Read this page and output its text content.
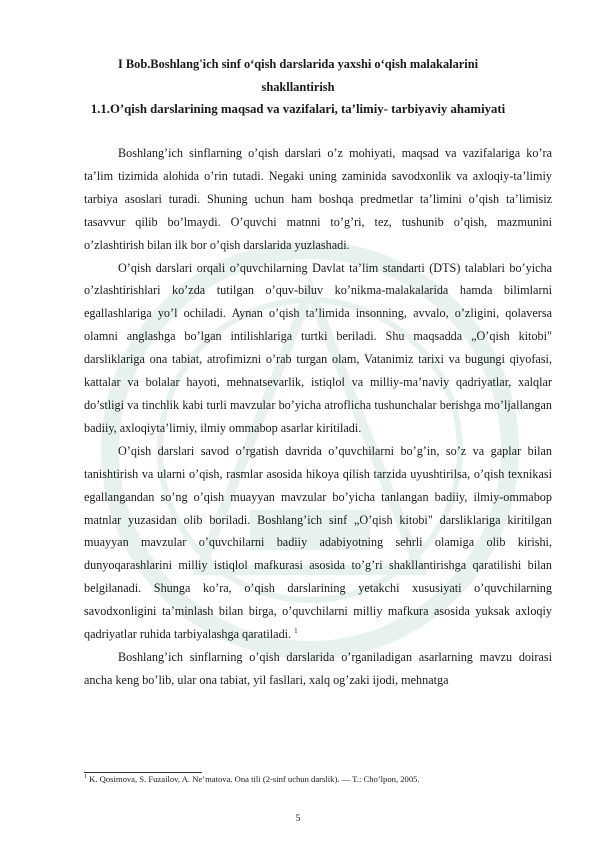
I Bob.Boshlang'ich sinf o‘qish darslarida yaxshi o‘qish malakalarini
shakllantirish
1.1.O’qish darslarining maqsad va vazifalari, ta’limiy- tarbiyaviy ahamiyati

Boshlang’ich sinflarning o’qish darslari o’z mohiyati, maqsad va vazifalariga ko’ra ta’lim tizimida alohida o’rin tutadi. Negaki uning zaminida savodxonlik va axloqiy-ta’limiy tarbiya asoslari turadi. Shuning uchun ham boshqa predmetlar ta’limini o’qish ta’limisiz tasavvur qilib bo’lmaydi. O’quvchi matnni to’g’ri, tez, tushunib o’qish, mazmunini o’zlashtirish bilan ilk bor o’qish darslarida yuzlashadi.

O’qish darslari orqali o’quvchilarning Davlat ta’lim standarti (DTS) talablari bo’yicha o’zlashtirishlari ko’zda tutilgan o’quv-biluv ko’nikma-malakalarida hamda bilimlarni egallashlariga yo’l ochiladi. Aynan o’qish ta’limida insonning, avvalo, o’zligini, qolaversa olamni anglashga bo’lgan intilishlariga turtki beriladi. Shu maqsadda „O’qish kitobi" darsliklariga ona tabiat, atrofimizni o’rab turgan olam, Vatanimiz tarixi va bugungi qiyofasi, kattalar va bolalar hayoti, mehnatsevarlik, istiqlol va milliy-ma’naviy qadriyatlar, xalqlar do’stligi va tinchlik kabi turli mavzular bo’yicha atroflicha tushunchalar berishga mo’ljallangan badiiy, axloqiyta’limiy, ilmiy ommabop asarlar kiritiladi.

O’qish darslari savod o’rgatish davrida o’quvchilarni bo’g’in, so’z va gaplar bilan tanishtirish va ularni o’qish, rasmlar asosida hikoya qilish tarzida uyushtirilsa, o’qish texnikasi egallangandan so’ng o’qish muayyan mavzular bo’yicha tanlangan badiiy, ilmiy-ommabop matnlar yuzasidan olib boriladi. Boshlang’ich sinf „O’qish kitobi" darsliklariga kiritilgan muayyan mavzular o’quvchilarni badiiy adabiyotning sehrli olamiga olib kirishi, dunyoqarashlarini milliy istiqlol mafkurasi asosida to’g’ri shakllantirishga qaratilishi bilan belgilanadi. Shunga ko’ra, o’qish darslarining yetakchi xususiyati o’quvchilarning savodxonligini ta’minlash bilan birga, o’quvchilarni milliy mafkura asosida yuksak axloqiy qadriyatlar ruhida tarbiyalashga qaratiladi. $^1$

Boshlang’ich sinflarning o’qish darslarida o’rganiladigan asarlarning mavzu doirasi ancha keng bo’lib, ular ona tabiat, yil fasllari, xalq og’zaki ijodi, mehnatga

$^1$ K. Qosimova, S. Fuzailov, A. Ne’matova. Ona tili (2-sinf uchun darslik). — T.: Cho’lpon, 2005.

5
